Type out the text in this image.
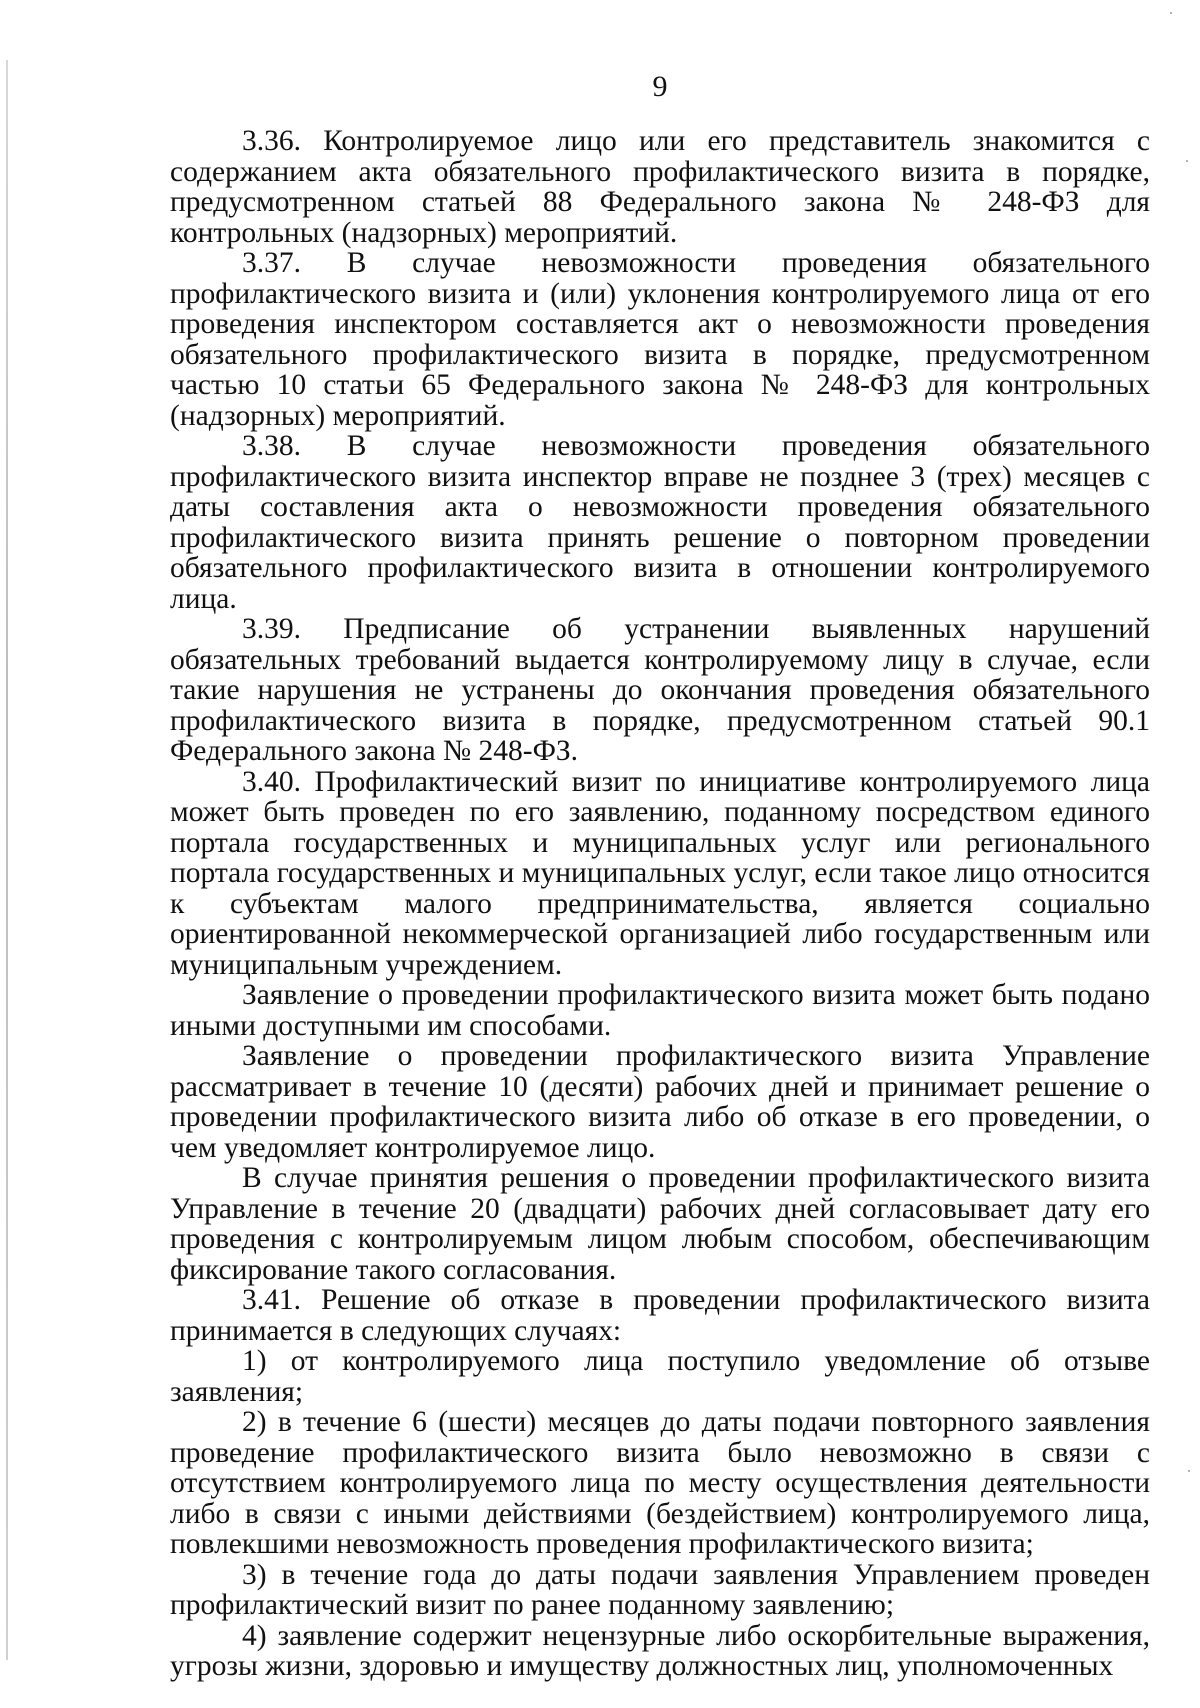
9

3.36. Контролируемое лицо или его представитель знакомится с содержанием акта обязательного профилактического визита в порядке, предусмотренном статьей 88 Федерального закона № 248-ФЗ для контрольных (надзорных) мероприятий.

3.37. В случае невозможности проведения обязательного профилактического визита и (или) уклонения контролируемого лица от его проведения инспектором составляется акт о невозможности проведения обязательного профилактического визита в порядке, предусмотренном частью 10 статьи 65 Федерального закона № 248-ФЗ для контрольных (надзорных) мероприятий.

3.38. В случае невозможности проведения обязательного профилактического визита инспектор вправе не позднее 3 (трех) месяцев с даты составления акта о невозможности проведения обязательного профилактического визита принять решение о повторном проведении обязательного профилактического визита в отношении контролируемого лица.

3.39. Предписание об устранении выявленных нарушений обязательных требований выдается контролируемому лицу в случае, если такие нарушения не устранены до окончания проведения обязательного профилактического визита в порядке, предусмотренном статьей 90.1 Федерального закона № 248-ФЗ.

3.40. Профилактический визит по инициативе контролируемого лица может быть проведен по его заявлению, поданному посредством единого портала государственных и муниципальных услуг или регионального портала государственных и муниципальных услуг, если такое лицо относится к субъектам малого предпринимательства, является социально ориентированной некоммерческой организацией либо государственным или муниципальным учреждением.

Заявление о проведении профилактического визита может быть подано иными доступными им способами.

Заявление о проведении профилактического визита Управление рассматривает в течение 10 (десяти) рабочих дней и принимает решение о проведении профилактического визита либо об отказе в его проведении, о чем уведомляет контролируемое лицо.

В случае принятия решения о проведении профилактического визита Управление в течение 20 (двадцати) рабочих дней согласовывает дату его проведения с контролируемым лицом любым способом, обеспечивающим фиксирование такого согласования.

3.41. Решение об отказе в проведении профилактического визита принимается в следующих случаях:

1) от контролируемого лица поступило уведомление об отзыве заявления;

2) в течение 6 (шести) месяцев до даты подачи повторного заявления проведение профилактического визита было невозможно в связи с отсутствием контролируемого лица по месту осуществления деятельности либо в связи с иными действиями (бездействием) контролируемого лица, повлекшими невозможность проведения профилактического визита;

3) в течение года до даты подачи заявления Управлением проведен профилактический визит по ранее поданному заявлению;

4) заявление содержит нецензурные либо оскорбительные выражения, угрозы жизни, здоровью и имуществу должностных лиц, уполномоченных
